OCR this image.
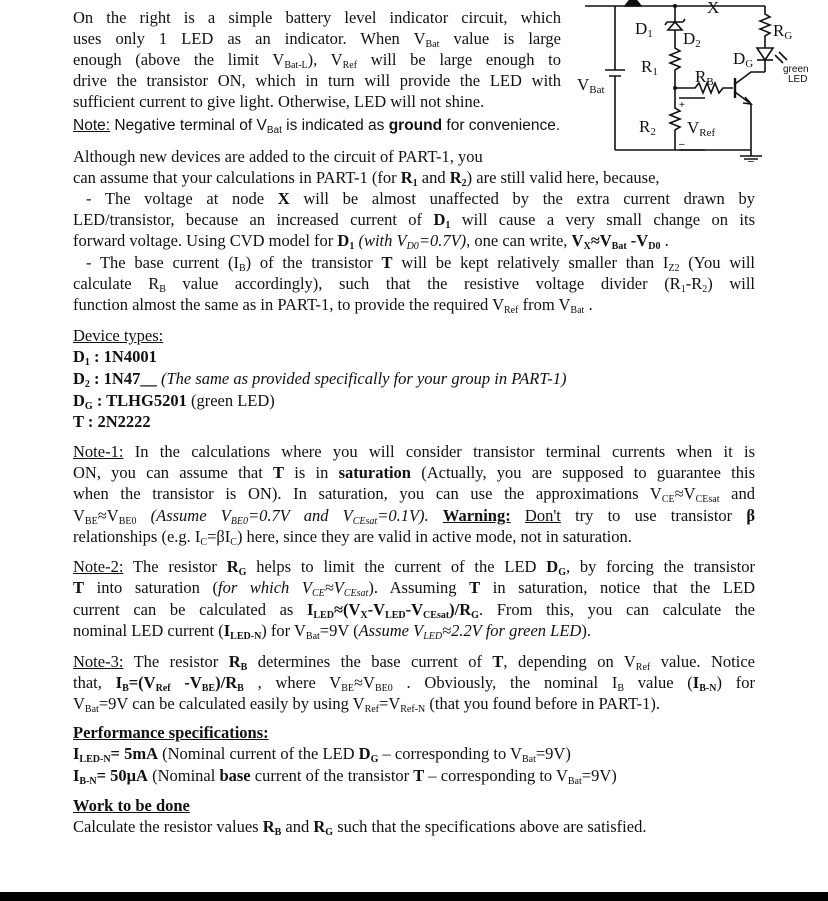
On the right is a simple battery level indicator circuit, which

uses only 1 LED as an indicator. When $V_{Bat}$ value is large

enough (above the limit $V_{Bat-L}$), $V_{Ref}$ will be large enough to

drive the transistor ON, which in turn will provide the LED with

sufficient current to give light. Otherwise, LED will not shine.

Note: Negative terminal of $V_{Bat}$ is indicated as ground for convenience.

X
D1 D2
RG
R1
DG	green
LED
RB
VBat
R2 VRef
+
–

Although new devices are added to the circuit of PART-1, you

can assume that your calculations in PART-1 (for $R_1$ and $R_2$) are still valid here, because,

- The voltage at node X will be almost unaffected by the extra current drawn by

LED/transistor, because an increased current of $D_1$ will cause a very small change on its

forward voltage. Using CVD model for $D_1$ (with $V_{D0}=0.7V$), one can write, $V_X\approx V_{Bat}$ $-V_{D0}$ .

- The base current $(I_B)$ of the transistor T will be kept relatively smaller than $I_{Z2}$ (You will

calculate $R_B$ value accordingly), such that the resistive voltage divider $(R_1-R_2)$ will

function almost the same as in PART-1, to provide the required $V_{Ref}$ from $V_{Bat}$ .

Device types:

$D_1$ : 1N4001

$D_2$ : 1N47__ (The same as provided specifically for your group in PART-1)

$D_G$ : TLHG5201 (green LED)

T : 2N2222

Note-1: In the calculations where you will consider transistor terminal currents when it is

ON, you can assume that T is in saturation (Actually, you are supposed to guarantee this

when the transistor is ON). In saturation, you can use the approximations $V_{CE}\approx V_{CEsat}$ and

$V_{BE}\approx V_{BE0}$ (Assume $V_{BE0}=0.7V$ and $V_{CEsat}=0.1V$). Warning: Don't try to use transistor β

relationships (e.g. $I_C=\beta I_C$) here, since they are valid in active mode, not in saturation.

Note-2: The resistor $R_G$ helps to limit the current of the LED $D_G$, by forcing the transistor

T into saturation (for which $V_{CE}\approx V_{CEsat}$). Assuming T in saturation, notice that the LED

current can be calculated as $I_{LED}\approx(V_X-V_{LED}-V_{CEsat})/R_G$. From this, you can calculate the

nominal LED current $(I_{LED-N})$ for $V_{Bat}=9V$ (Assume $V_{LED}\approx 2.2V$ for green LED).

Note-3: The resistor $R_B$ determines the base current of T, depending on $V_{Ref}$ value. Notice

that, $I_B=(V_{Ref}$ $-V_{BE})/R_B$ , where $V_{BE}\approx V_{BE0}$ . Obviously, the nominal $I_B$ value $(I_{B-N})$ for

$V_{Bat}=9V$ can be calculated easily by using $V_{Ref}=V_{Ref-N}$ (that you found before in PART-1).

Performance specifications:

$I_{LED-N}= 5mA$ (Nominal current of the LED $D_G$ – corresponding to $V_{Bat}=9V$)

$I_{B-N}= 50\mu A$ (Nominal base current of the transistor T – corresponding to $V_{Bat}=9V$)

Work to be done

Calculate the resistor values $R_B$ and $R_G$ such that the specifications above are satisfied.
